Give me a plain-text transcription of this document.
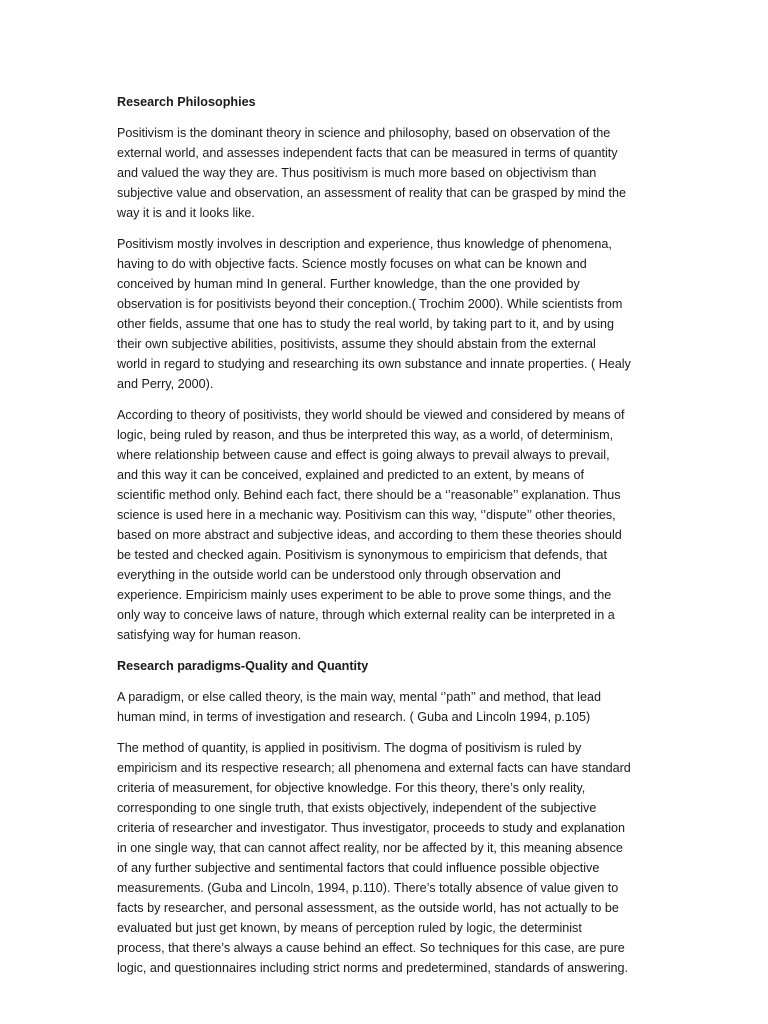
Research Philosophies
Positivism is the dominant theory in science and philosophy, based on observation of the
external world, and assesses independent facts that can be measured in terms of quantity
and valued the way they are. Thus positivism is much more based on objectivism than
subjective value and observation, an assessment of reality that can be grasped by mind the
way it is and it looks like.
Positivism mostly involves in description and experience, thus knowledge of phenomena,
having to do with objective facts. Science mostly focuses on what can be known and
conceived by human mind In general. Further knowledge, than the one provided by
observation is for positivists beyond their conception.( Trochim 2000). While scientists from
other fields, assume that one has to study the real world, by taking part to it, and by using
their own subjective abilities, positivists, assume they should abstain from the external
world in regard to studying and researching its own substance and innate properties. ( Healy
and Perry, 2000).
According to theory of positivists, they world should be viewed and considered by means of
logic, being ruled by reason, and thus be interpreted this way, as a world, of determinism,
where relationship between cause and effect is going always to prevail always to prevail,
and this way it can be conceived, explained and predicted to an extent, by means of
scientific method only. Behind each fact, there should be a ‘’reasonable’’ explanation. Thus
science is used here in a mechanic way. Positivism can this way, ‘’dispute’’ other theories,
based on more abstract and subjective ideas, and according to them these theories should
be tested and checked again. Positivism is synonymous to empiricism that defends, that
everything in the outside world can be understood only through observation and
experience. Empiricism mainly uses experiment to be able to prove some things, and the
only way to conceive laws of nature, through which external reality can be interpreted in a
satisfying way for human reason.
Research paradigms-Quality and Quantity
A paradigm, or else called theory, is the main way, mental ‘’path’’ and method, that lead
human mind, in terms of investigation and research. ( Guba and Lincoln 1994, p.105)
The method of quantity, is applied in positivism. The dogma of positivism is ruled by
empiricism and its respective research; all phenomena and external facts can have standard
criteria of measurement, for objective knowledge. For this theory, there’s only reality,
corresponding to one single truth, that exists objectively, independent of the subjective
criteria of researcher and investigator. Thus investigator, proceeds to study and explanation
in one single way, that can cannot affect reality, nor be affected by it, this meaning absence
of any further subjective and sentimental factors that could influence possible objective
measurements. (Guba and Lincoln, 1994, p.110). There’s totally absence of value given to
facts by researcher, and personal assessment, as the outside world, has not actually to be
evaluated but just get known, by means of perception ruled by logic, the determinist
process, that there’s always a cause behind an effect. So techniques for this case, are pure
logic, and questionnaires including strict norms and predetermined, standards of answering.
